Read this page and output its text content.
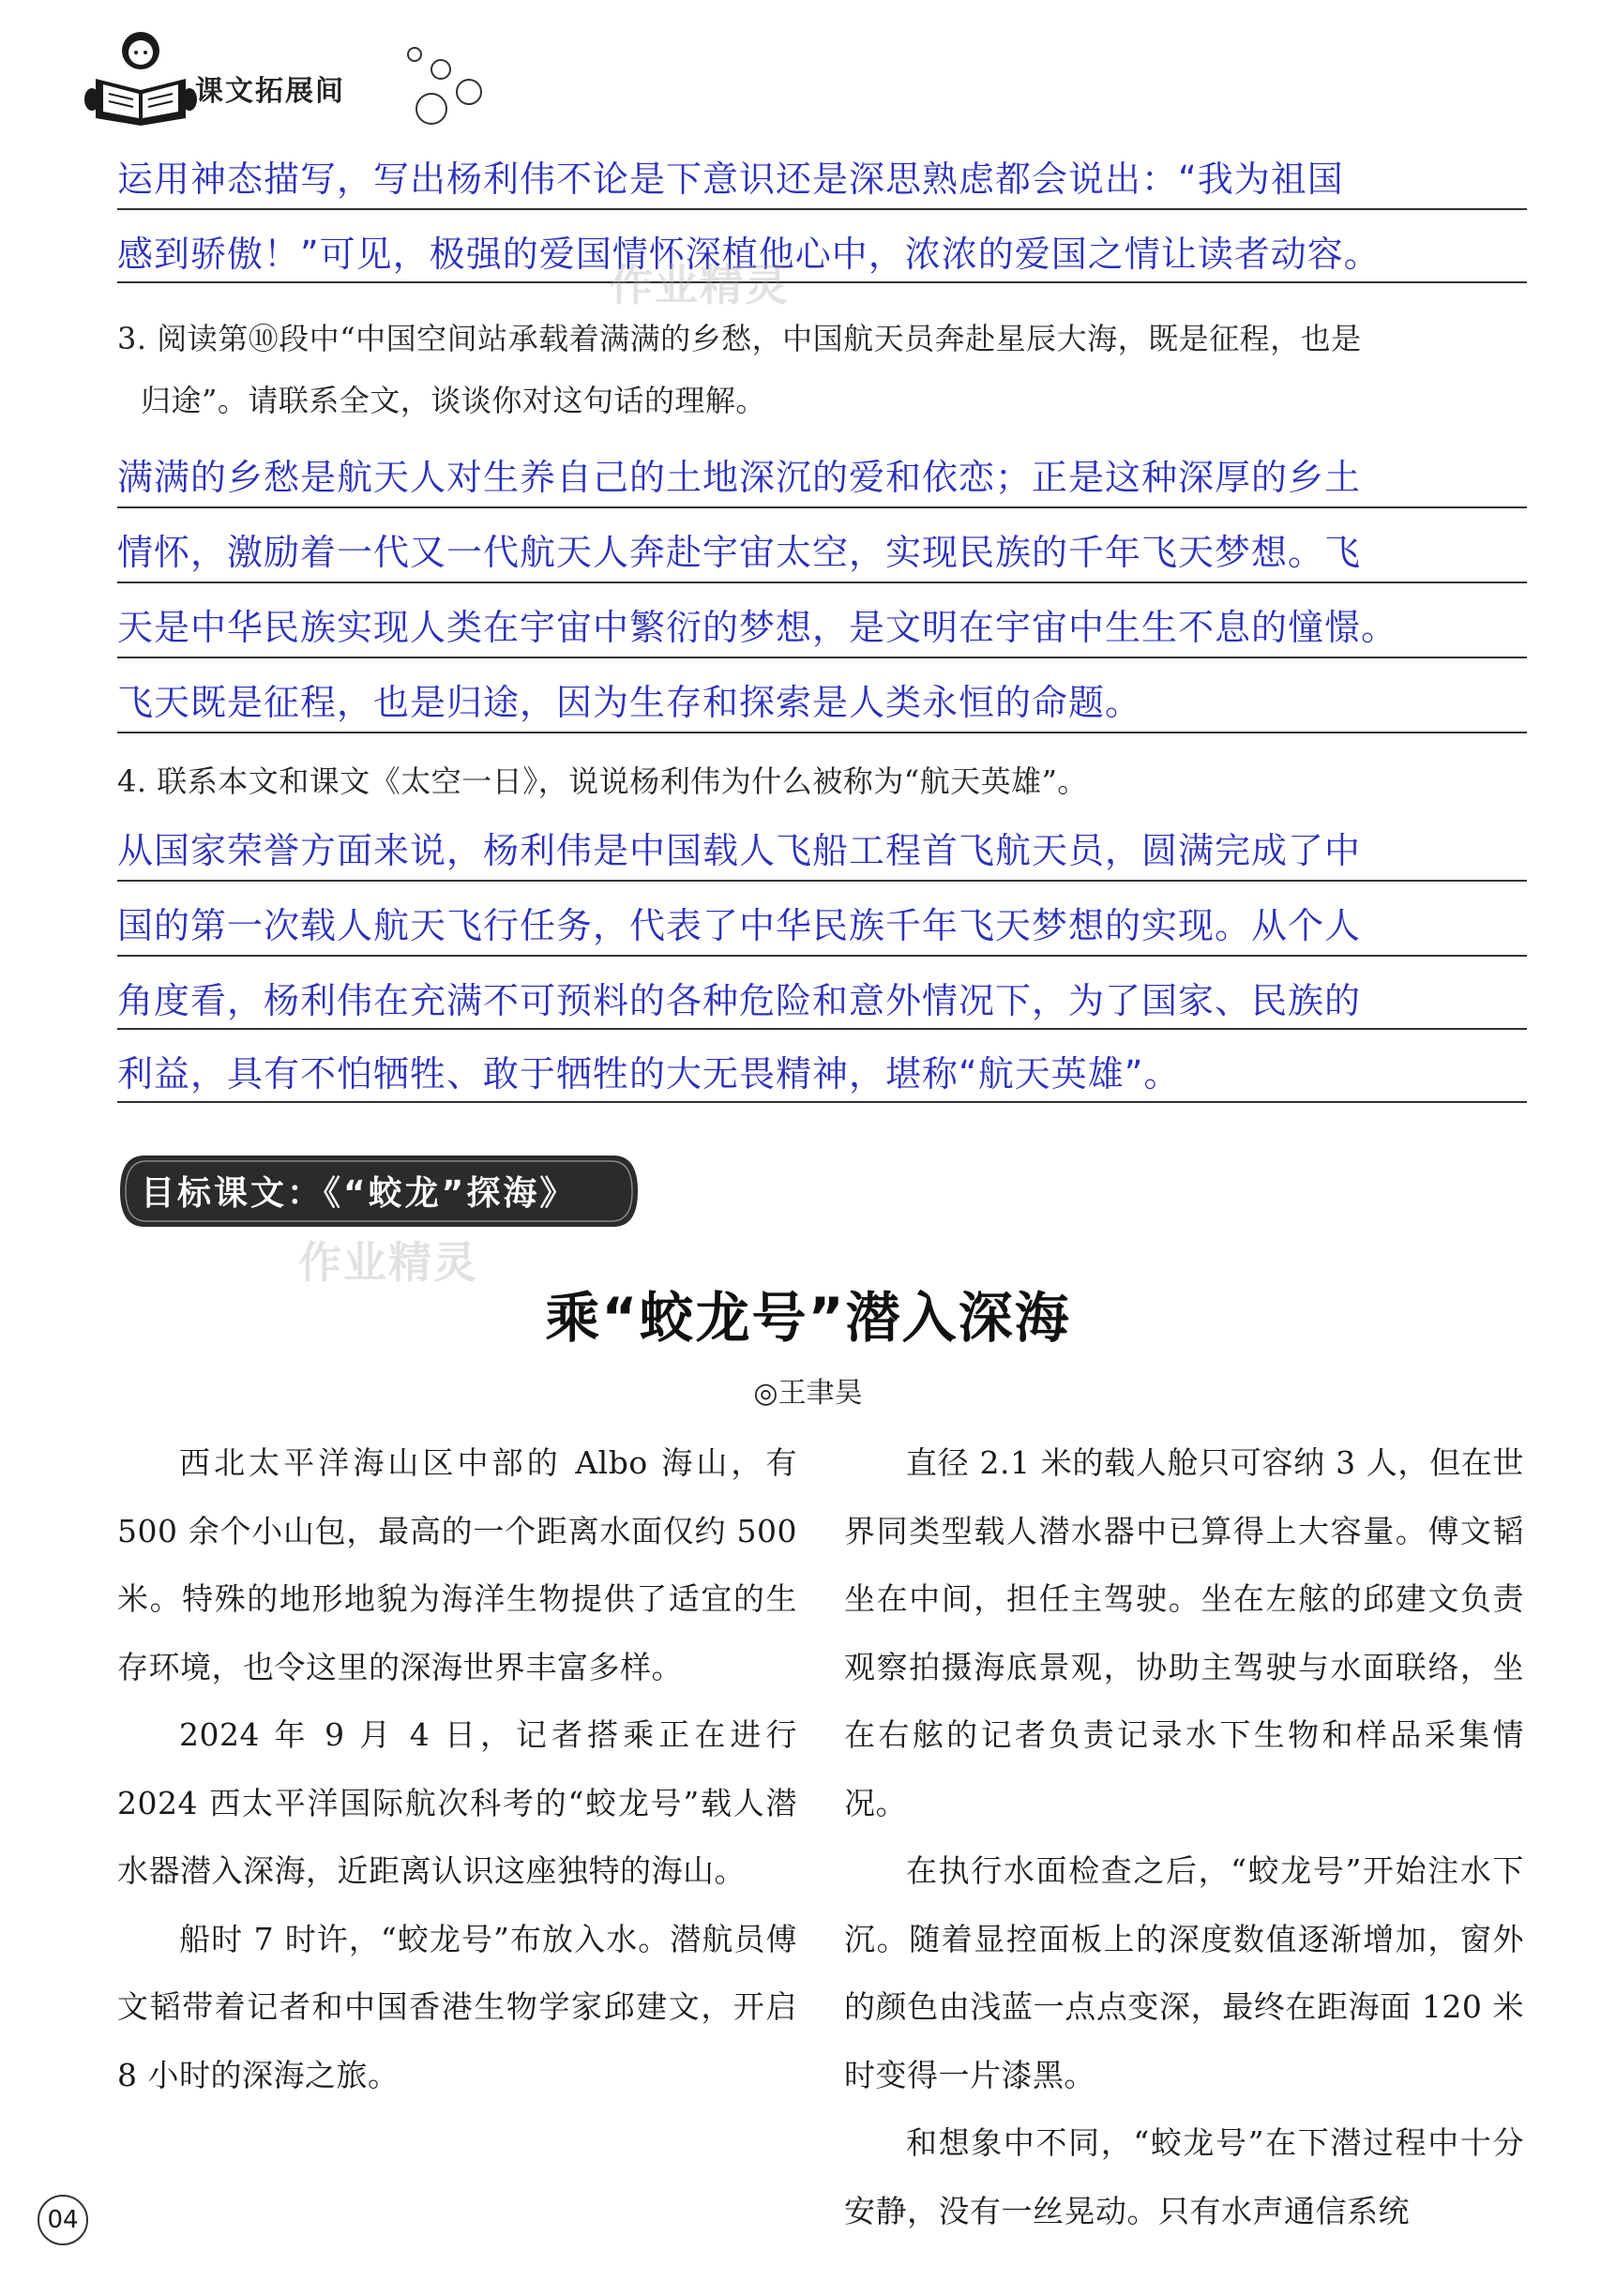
课文拓展间
运用神态描写，写出杨利伟不论是下意识还是深思熟虑都会说出：“我为祖国
感到骄傲！”可见，极强的爱国情怀深植他心中，浓浓的爱国之情让读者动容。
3. 阅读第⑩段中“中国空间站承载着满满的乡愁，中国航天员奔赴星辰大海，既是征程，也是
归途”。请联系全文，谈谈你对这句话的理解。
满满的乡愁是航天人对生养自己的土地深沉的爱和依恋；正是这种深厚的乡土
情怀，激励着一代又一代航天人奔赴宇宙太空，实现民族的千年飞天梦想。飞
天是中华民族实现人类在宇宙中繁衍的梦想，是文明在宇宙中生生不息的憧憬。
飞天既是征程，也是归途，因为生存和探索是人类永恒的命题。
4. 联系本文和课文《太空一日》，说说杨利伟为什么被称为“航天英雄”。
从国家荣誉方面来说，杨利伟是中国载人飞船工程首飞航天员，圆满完成了中
国的第一次载人航天飞行任务，代表了中华民族千年飞天梦想的实现。从个人
角度看，杨利伟在充满不可预料的各种危险和意外情况下，为了国家、民族的
利益，具有不怕牺牲、敢于牺牲的大无畏精神，堪称“航天英雄”。
目标课文：《“蛟龙”探海》
乘“蛟龙号”潜入深海
◎王聿昊

西北太平洋海山区中部的 Albo 海山，有 500 余个小山包，最高的一个距离水面仅约 500 米。特殊的地形地貌为海洋生物提供了适宜的生存环境，也令这里的深海世界丰富多样。

2024 年 9 月 4 日，记者搭乘正在进行 2024 西太平洋国际航次科考的“蛟龙号”载人潜水器潜入深海，近距离认识这座独特的海山。

船时 7 时许，“蛟龙号”布放入水。潜航员傅文韬带着记者和中国香港生物学家邱建文，开启 8 小时的深海之旅。

直径 2.1 米的载人舱只可容纳 3 人，但在世界同类型载人潜水器中已算得上大容量。傅文韬坐在中间，担任主驾驶。坐在左舷的邱建文负责观察拍摄海底景观，协助主驾驶与水面联络，坐在右舷的记者负责记录水下生物和样品采集情况。

在执行水面检查之后，“蛟龙号”开始注水下沉。随着显控面板上的深度数值逐渐增加，窗外的颜色由浅蓝一点点变深，最终在距海面 120 米时变得一片漆黑。

和想象中不同，“蛟龙号”在下潜过程中十分安静，没有一丝晃动。只有水声通信系统

作业精灵
作业精灵
04
